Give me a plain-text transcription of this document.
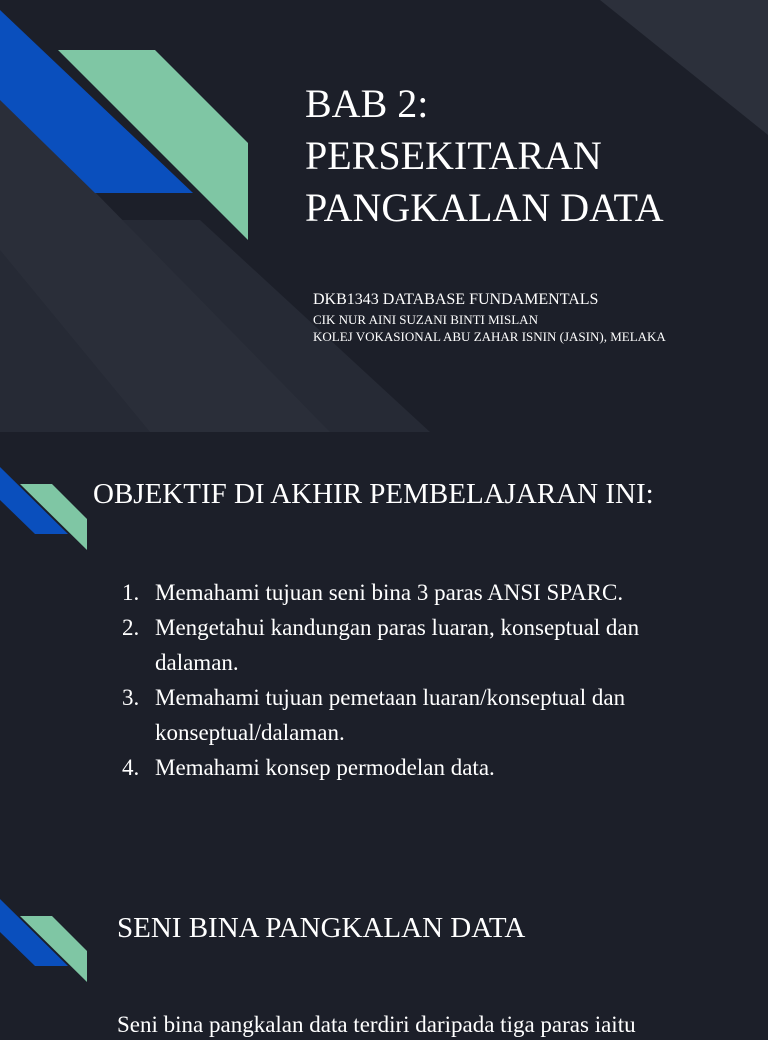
BAB 2:
PERSEKITARAN
PANGKALAN DATA
DKB1343 DATABASE FUNDAMENTALS
CIK NUR AINI SUZANI BINTI MISLAN
KOLEJ VOKASIONAL ABU ZAHAR ISNIN (JASIN), MELAKA
OBJEKTIF DI AKHIR PEMBELAJARAN INI:
1. Memahami tujuan seni bina 3 paras ANSI SPARC.
2. Mengetahui kandungan paras luaran, konseptual dan dalaman.
3. Memahami tujuan pemetaan luaran/konseptual dan konseptual/dalaman.
4. Memahami konsep permodelan data.
SENI BINA PANGKALAN DATA
Seni bina pangkalan data terdiri daripada tiga paras iaitu
